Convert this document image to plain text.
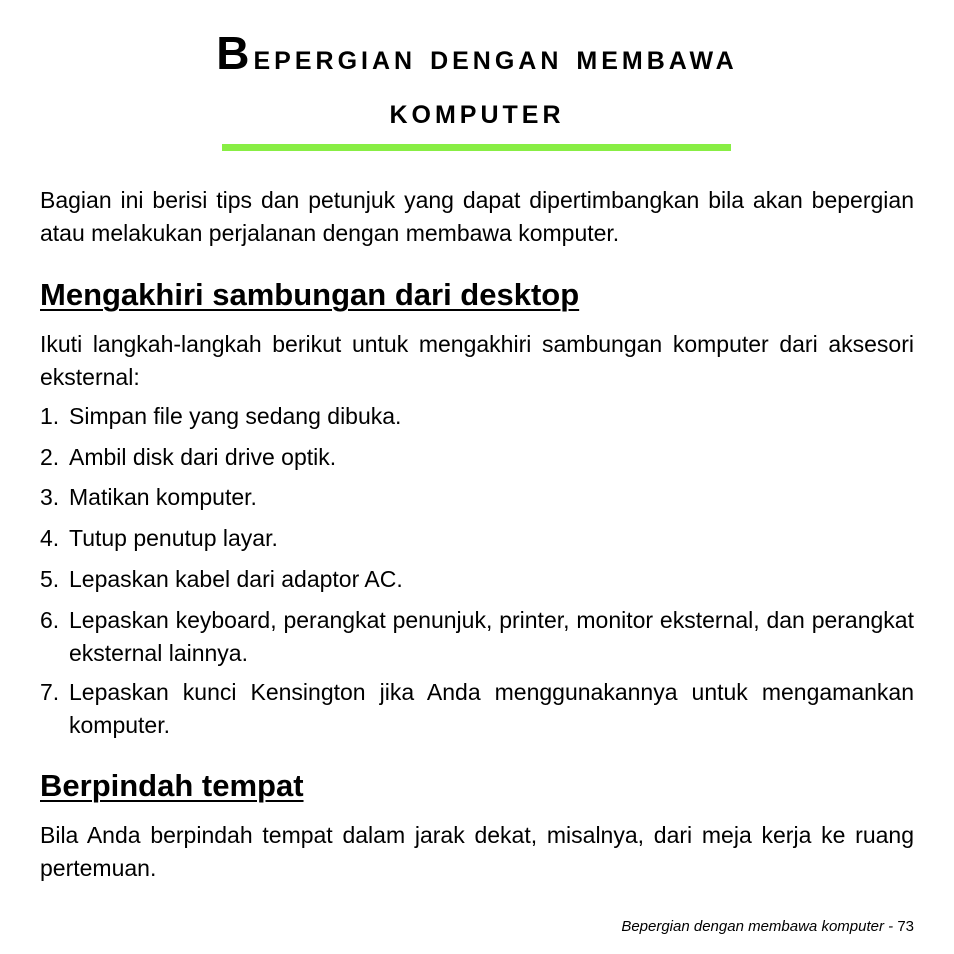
Bepergian dengan membawa
komputer

Bagian ini berisi tips dan petunjuk yang dapat dipertimbangkan bila akan bepergian atau melakukan perjalanan dengan membawa komputer.

Mengakhiri sambungan dari desktop

Ikuti langkah-langkah berikut untuk mengakhiri sambungan komputer dari aksesori eksternal:

1. Simpan file yang sedang dibuka.
2. Ambil disk dari drive optik.
3. Matikan komputer.
4. Tutup penutup layar.
5. Lepaskan kabel dari adaptor AC.
6. Lepaskan keyboard, perangkat penunjuk, printer, monitor eksternal, dan perangkat eksternal lainnya.
7. Lepaskan kunci Kensington jika Anda menggunakannya untuk mengamankan komputer.
Berpindah tempat

Bila Anda berpindah tempat dalam jarak dekat, misalnya, dari meja kerja ke ruang pertemuan.

Bepergian dengan membawa komputer - 73
